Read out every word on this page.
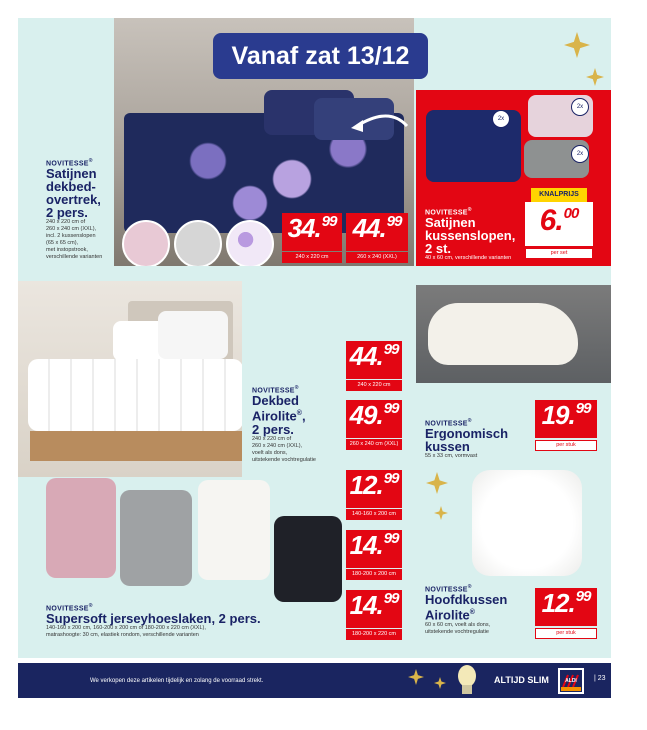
Vanaf zat 13/12
NOVITESSE®
Satijnen
dekbed-
overtrek,
2 pers.
240 x 220 cm of
260 x 240 cm (XXL),
incl. 2 kussenslopen
(65 x 65 cm),
met instopstrook,
verschillende varianten
34. 99
240 x 220 cm
44. 99
260 x 240 (XXL)
2x
2x
2x
NOVITESSE®
Satijnen kussenslopen,
2 st.
40 x 60 cm, verschillende varianten
KNALPRIJS
6. 00
per set
NOVITESSE®
Dekbed Airolite®,
2 pers.
240 x 220 cm of
260 x 240 cm (XXL),
voelt als dons,
uitstekende vochtregulatie
44. 99
240 x 220 cm
49. 99
260 x 240 cm (XXL)
NOVITESSE®
Ergonomisch kussen
55 x 33 cm, vormvast
19. 99
per stuk
NOVITESSE®
Supersoft jerseyhoeslaken, 2 pers.
140-160 x 200 cm, 160-200 x 200 cm of 180-200 x 220 cm (XXL),
matrashoogte: 30 cm, elastiek rondom, verschillende varianten
12. 99
140-160 x 200 cm
14. 99
180-200 x 200 cm
14. 99
180-200 x 220 cm
NOVITESSE®
Hoofdkussen
Airolite®
60 x 60 cm, voelt als dons,
uitstekende vochtregulatie
12. 99
per stuk
We verkopen deze artikelen tijdelijk en zolang de voorraad strekt.	ALTIJD SLIM	ALDI	| 23
